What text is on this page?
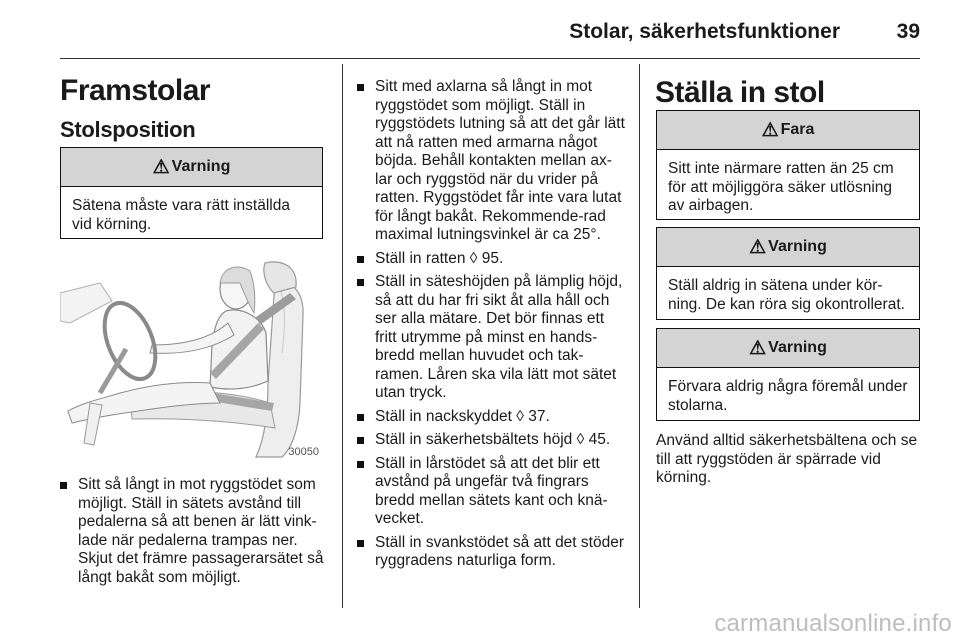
Stolar, säkerhetsfunktioner	39
Framstolar
Stolsposition
⚠ Varning
Sätena måste vara rätt inställda vid körning.
30050
Sitt så långt in mot ryggstödet som möjligt. Ställ in sätets avstånd till pedalerna så att benen är lätt vink-lade när pedalerna trampas ner. Skjut det främre passagerarsätet så långt bakåt som möjligt.
Sitt med axlarna så långt in mot ryggstödet som möjligt. Ställ in ryggstödets lutning så att det går lätt att nå ratten med armarna något böjda. Behåll kontakten mellan ax-lar och ryggstöd när du vrider på ratten. Ryggstödet får inte vara lutat för långt bakåt. Rekommende-rad maximal lutningsvinkel är ca 25°.
Ställ in ratten ◊ 95.
Ställ in säteshöjden på lämplig höjd, så att du har fri sikt åt alla håll och ser alla mätare. Det bör finnas ett fritt utrymme på minst en hands-bredd mellan huvudet och tak-ramen. Låren ska vila lätt mot sätet utan tryck.
Ställ in nackskyddet ◊ 37.
Ställ in säkerhetsbältets höjd ◊ 45.
Ställ in lårstödet så att det blir ett avstånd på ungefär två fingrars bredd mellan sätets kant och knä-vecket.
Ställ in svankstödet så att det stöder ryggradens naturliga form.
Ställa in stol
⚠ Fara
Sitt inte närmare ratten än 25 cm för att möjliggöra säker utlösning av airbagen.
⚠ Varning
Ställ aldrig in sätena under kör-ning. De kan röra sig okontrollerat.
⚠ Varning
Förvara aldrig några föremål under stolarna.
Använd alltid säkerhetsbältena och se till att ryggstöden är spärrade vid körning.
carmanualsonline.info
